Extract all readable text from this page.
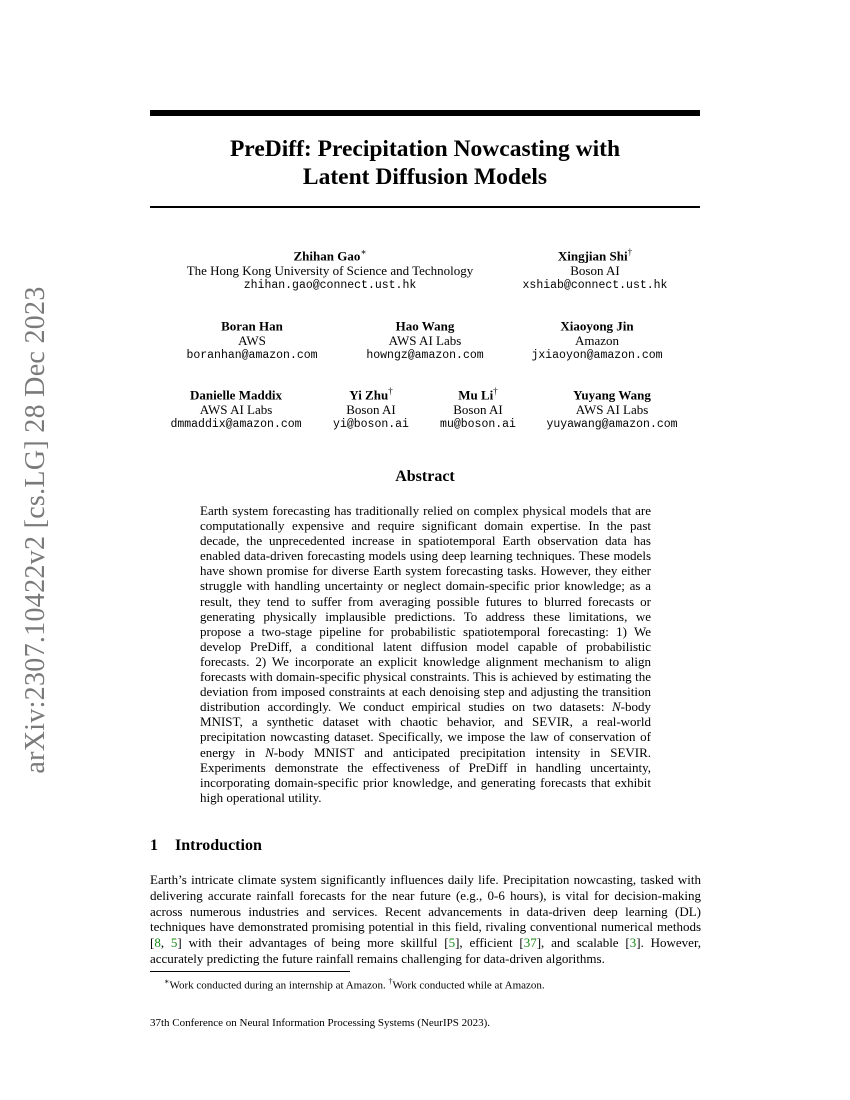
arXiv:2307.10422v2 [cs.LG] 28 Dec 2023
PreDiff: Precipitation Nowcasting with
Latent Diffusion Models
Zhihan Gao∗
The Hong Kong University of Science and Technology
zhihan.gao@connect.ust.hk
Xingjian Shi†
Boson AI
xshiab@connect.ust.hk
Boran Han
AWS
boranhan@amazon.com
Hao Wang
AWS AI Labs
howngz@amazon.com
Xiaoyong Jin
Amazon
jxiaoyon@amazon.com
Danielle Maddix
AWS AI Labs
dmmaddix@amazon.com
Yi Zhu†
Boson AI
yi@boson.ai
Mu Li†
Boson AI
mu@boson.ai
Yuyang Wang
AWS AI Labs
yuyawang@amazon.com
Abstract

Earth system forecasting has traditionally relied on complex physical models that are computationally expensive and require significant domain expertise. In the past decade, the unprecedented increase in spatiotemporal Earth observation data has enabled data-driven forecasting models using deep learning techniques. These models have shown promise for diverse Earth system forecasting tasks. However, they either struggle with handling uncertainty or neglect domain-specific prior knowledge; as a result, they tend to suffer from averaging possible futures to blurred forecasts or generating physically implausible predictions. To address these limitations, we propose a two-stage pipeline for probabilistic spatiotemporal forecasting: 1) We develop PreDiff, a conditional latent diffusion model capable of probabilistic forecasts. 2) We incorporate an explicit knowledge alignment mechanism to align forecasts with domain-specific physical constraints. This is achieved by estimating the deviation from imposed constraints at each denoising step and adjusting the transition distribution accordingly. We conduct empirical studies on two datasets: N-body MNIST, a synthetic dataset with chaotic behavior, and SEVIR, a real-world precipitation nowcasting dataset. Specifically, we impose the law of conservation of energy in N-body MNIST and anticipated precipitation intensity in SEVIR. Experiments demonstrate the effectiveness of PreDiff in handling uncertainty, incorporating domain-specific prior knowledge, and generating forecasts that exhibit high operational utility.

1 Introduction

Earth’s intricate climate system significantly influences daily life. Precipitation nowcasting, tasked with delivering accurate rainfall forecasts for the near future (e.g., 0-6 hours), is vital for decision-making across numerous industries and services. Recent advancements in data-driven deep learning (DL) techniques have demonstrated promising potential in this field, rivaling conventional numerical methods [8, 5] with their advantages of being more skillful [5], efficient [37], and scalable [3]. However, accurately predicting the future rainfall remains challenging for data-driven algorithms.

∗Work conducted during an internship at Amazon. †Work conducted while at Amazon.
37th Conference on Neural Information Processing Systems (NeurIPS 2023).
